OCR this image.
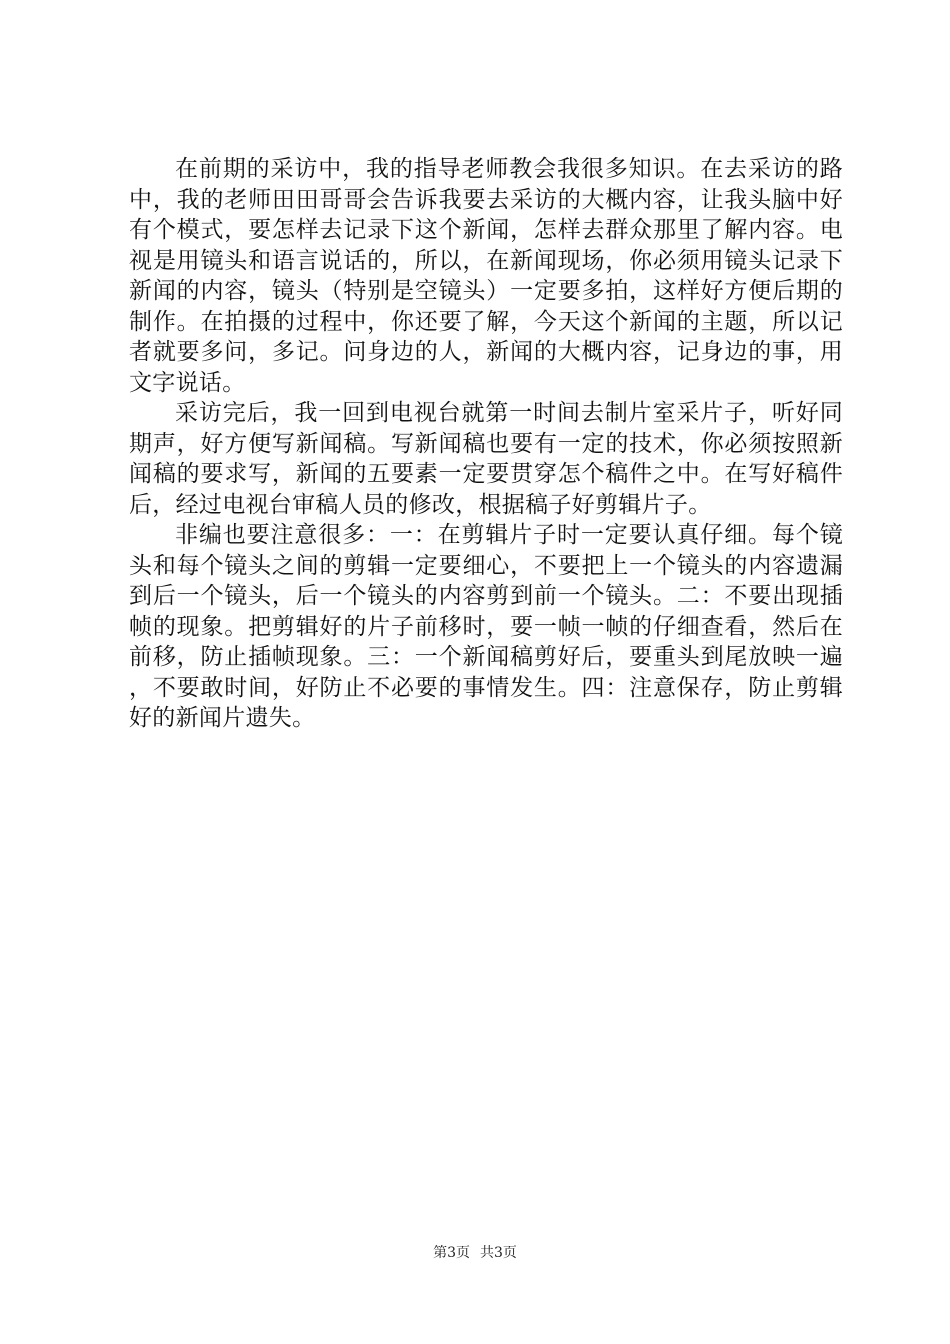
在前期的采访中，我的指导老师教会我很多知识。在去采访的路中，我的老师田田哥哥会告诉我要去采访的大概内容，让我头脑中好有个模式，要怎样去记录下这个新闻，怎样去群众那里了解内容。电视是用镜头和语言说话的，所以，在新闻现场，你必须用镜头记录下新闻的内容，镜头（特别是空镜头）一定要多拍，这样好方便后期的制作。在拍摄的过程中，你还要了解，今天这个新闻的主题，所以记者就要多问，多记。问身边的人，新闻的大概内容，记身边的事，用文字说话。

采访完后，我一回到电视台就第一时间去制片室采片子，听好同期声，好方便写新闻稿。写新闻稿也要有一定的技术，你必须按照新闻稿的要求写，新闻的五要素一定要贯穿怎个稿件之中。在写好稿件后，经过电视台审稿人员的修改，根据稿子好剪辑片子。

非编也要注意很多：一：在剪辑片子时一定要认真仔细。每个镜头和每个镜头之间的剪辑一定要细心，不要把上一个镜头的内容遗漏到后一个镜头，后一个镜头的内容剪到前一个镜头。二：不要出现插帧的现象。把剪辑好的片子前移时，要一帧一帧的仔细查看，然后在前移，防止插帧现象。三：一个新闻稿剪好后，要重头到尾放映一遍，不要敢时间，好防止不必要的事情发生。四：注意保存，防止剪辑好的新闻片遗失。

第3页 共3页
